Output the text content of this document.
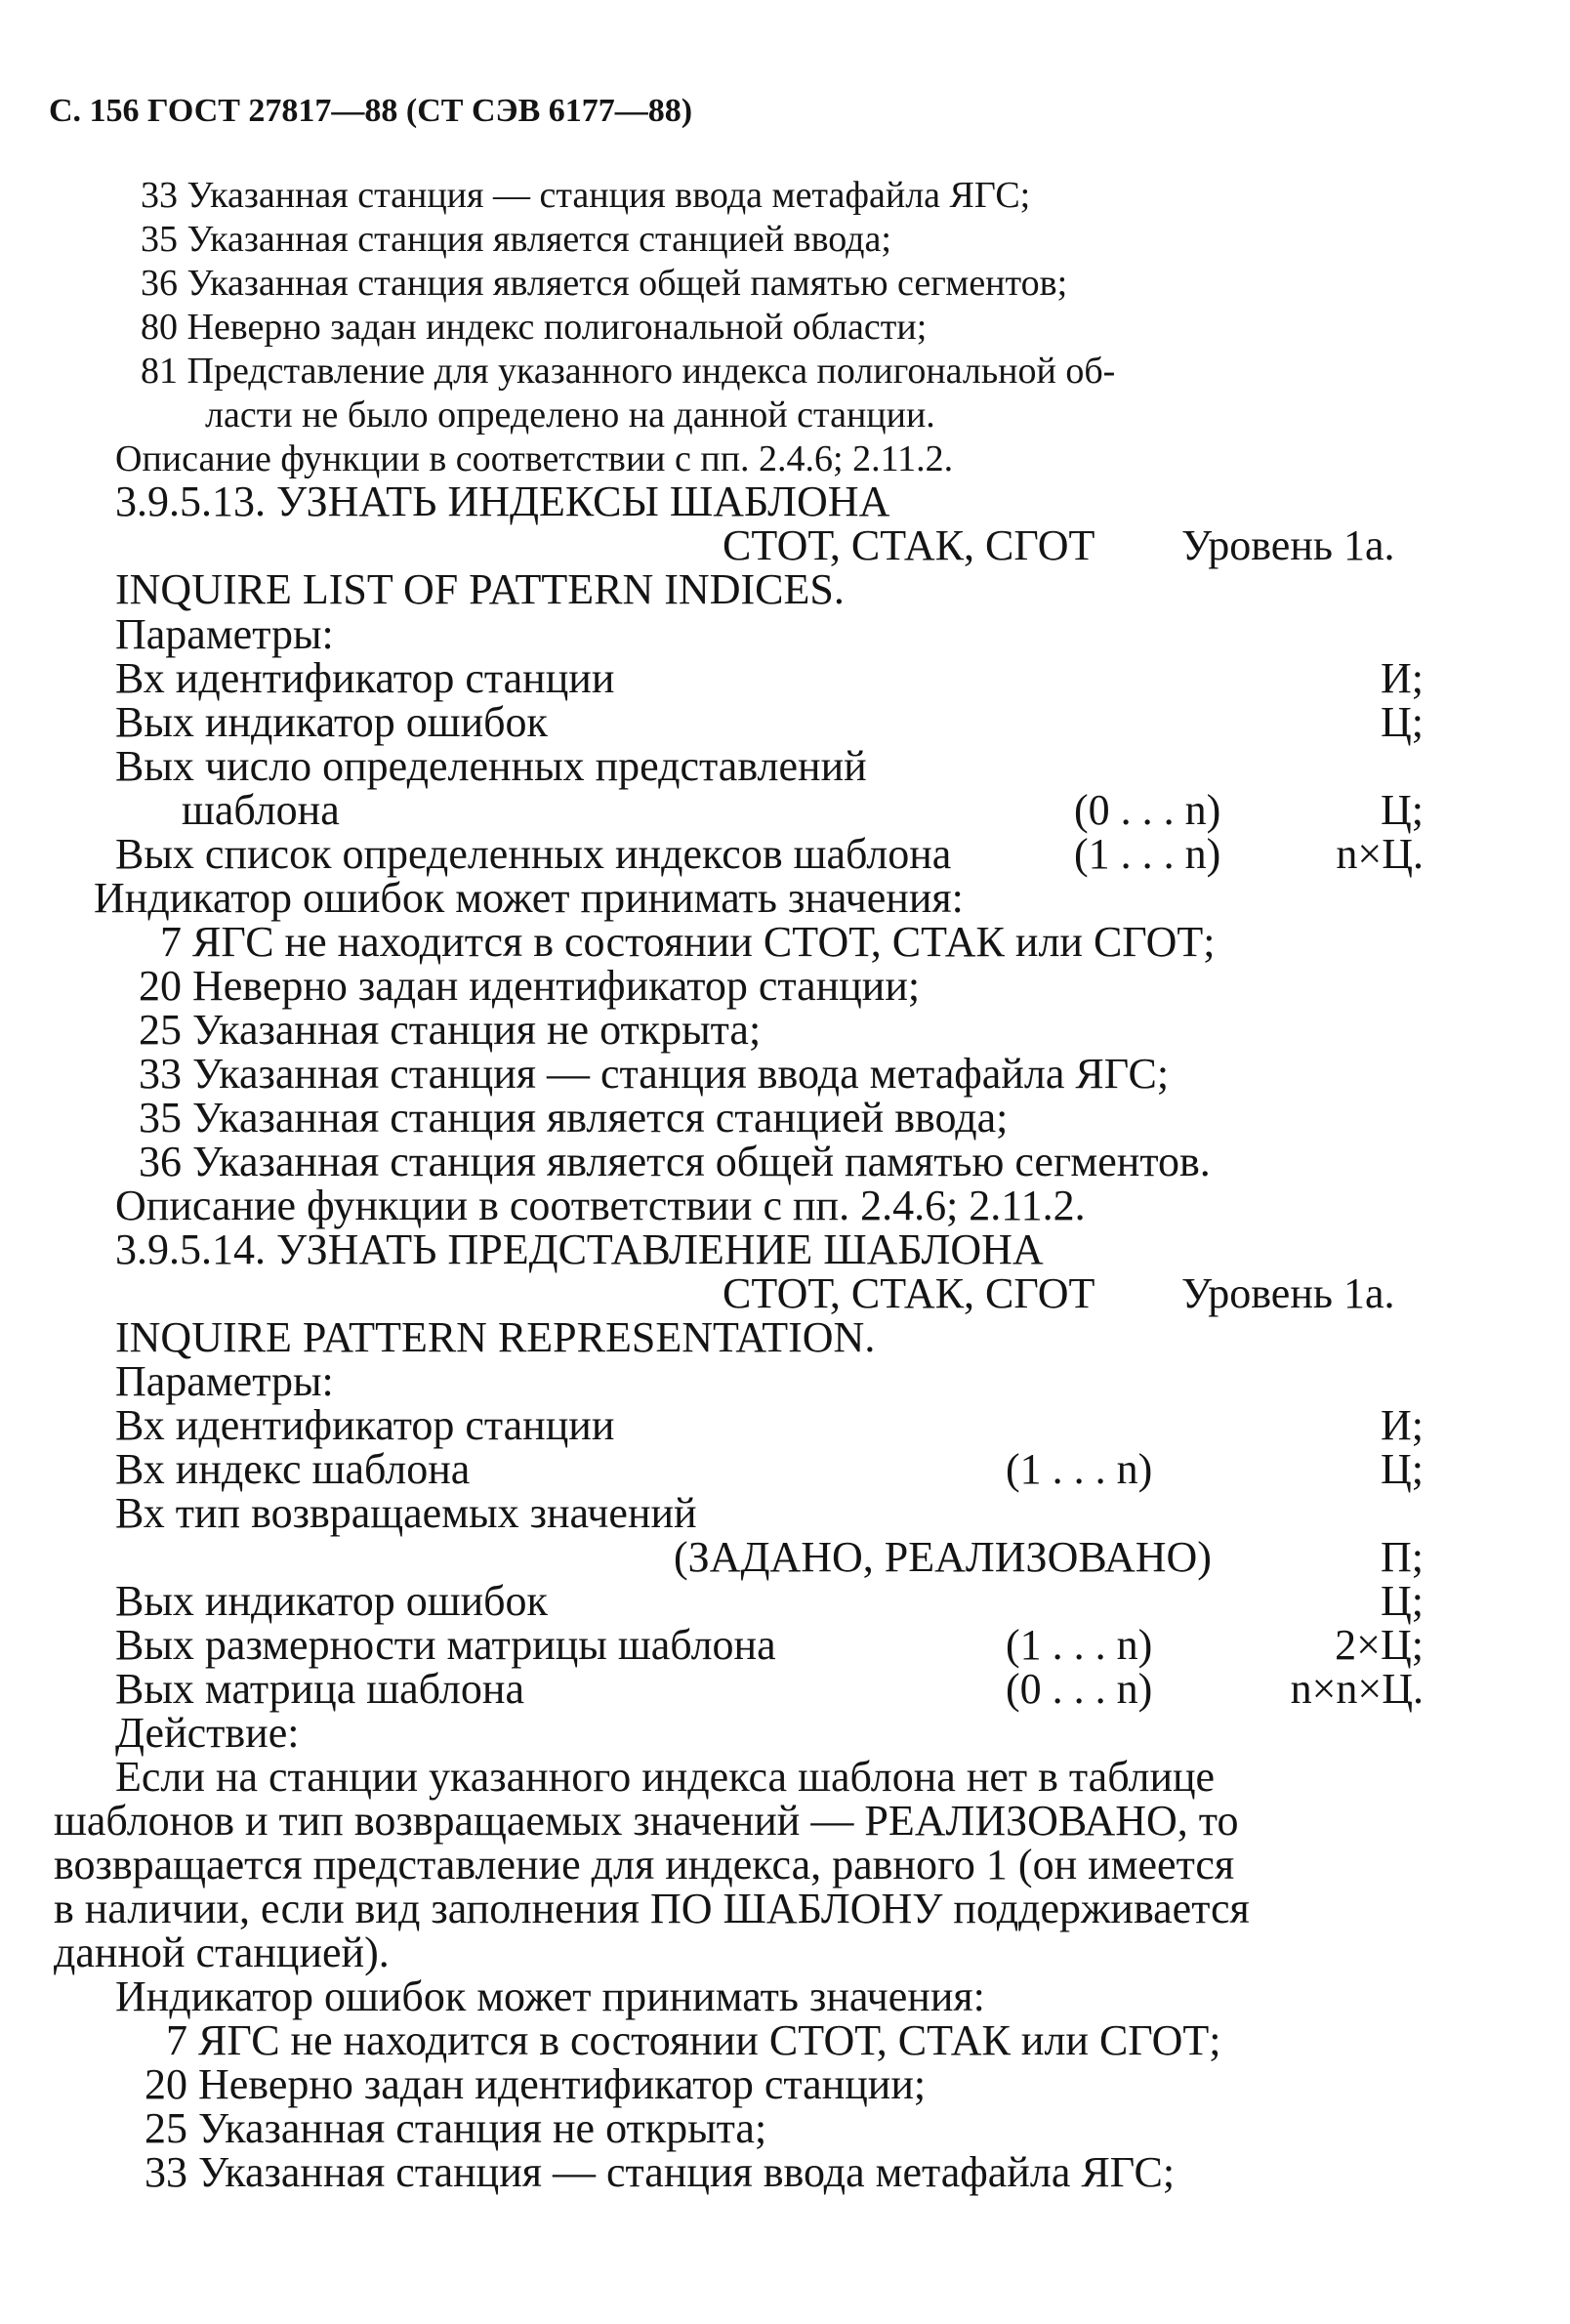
С. 156 ГОСТ 27817—88 (СТ СЭВ 6177—88)
33 Указанная станция — станция ввода метафайла ЯГС;
35 Указанная станция является станцией ввода;
36 Указанная станция является общей памятью сегментов;
80 Неверно задан индекс полигональной области;
81 Представление для указанного индекса полигональной об-
ласти не было определено на данной станции.
Описание функции в соответствии с пп. 2.4.6; 2.11.2.
3.9.5.13. УЗНАТЬ ИНДЕКСЫ ШАБЛОНА
СТОТ, СТАК, СГОТ Уровень 1а.
INQUIRE LIST OF PATTERN INDICES.
Параметры:
Вх идентификатор станции	И;
Вых индикатор ошибок	Ц;
Вых число определенных представлений
шаблона	(0 . . . n)	Ц;
Вых список определенных индексов шаблона	(1 . . . n)	n×Ц.
Индикатор ошибок может принимать значения:
7 ЯГС не находится в состоянии СТОТ, СТАК или СГОТ;
20 Неверно задан идентификатор станции;
25 Указанная станция не открыта;
33 Указанная станция — станция ввода метафайла ЯГС;
35 Указанная станция является станцией ввода;
36 Указанная станция является общей памятью сегментов.
Описание функции в соответствии с пп. 2.4.6; 2.11.2.
3.9.5.14. УЗНАТЬ ПРЕДСТАВЛЕНИЕ ШАБЛОНА
СТОТ, СТАК, СГОТ Уровень 1а.
INQUIRE PATTERN REPRESENTATION.
Параметры:
Вх идентификатор станции	И;
Вх индекс шаблона	(1 . . . n)	Ц;
Вх тип возвращаемых значений
(ЗАДАНО, РЕАЛИЗОВАНО)	П;
Вых индикатор ошибок	Ц;
Вых размерности матрицы шаблона	(1 . . . n)	2×Ц;
Вых матрица шаблона	(0 . . . n)	n×n×Ц.
Действие:
Если на станции указанного индекса шаблона нет в таблице
шаблонов и тип возвращаемых значений — РЕАЛИЗОВАНО, то
возвращается представление для индекса, равного 1 (он имеется
в наличии, если вид заполнения ПО ШАБЛОНУ поддерживается
данной станцией).
Индикатор ошибок может принимать значения:
7 ЯГС не находится в состоянии СТОТ, СТАК или СГОТ;
20 Неверно задан идентификатор станции;
25 Указанная станция не открыта;
33 Указанная станция — станция ввода метафайла ЯГС;
